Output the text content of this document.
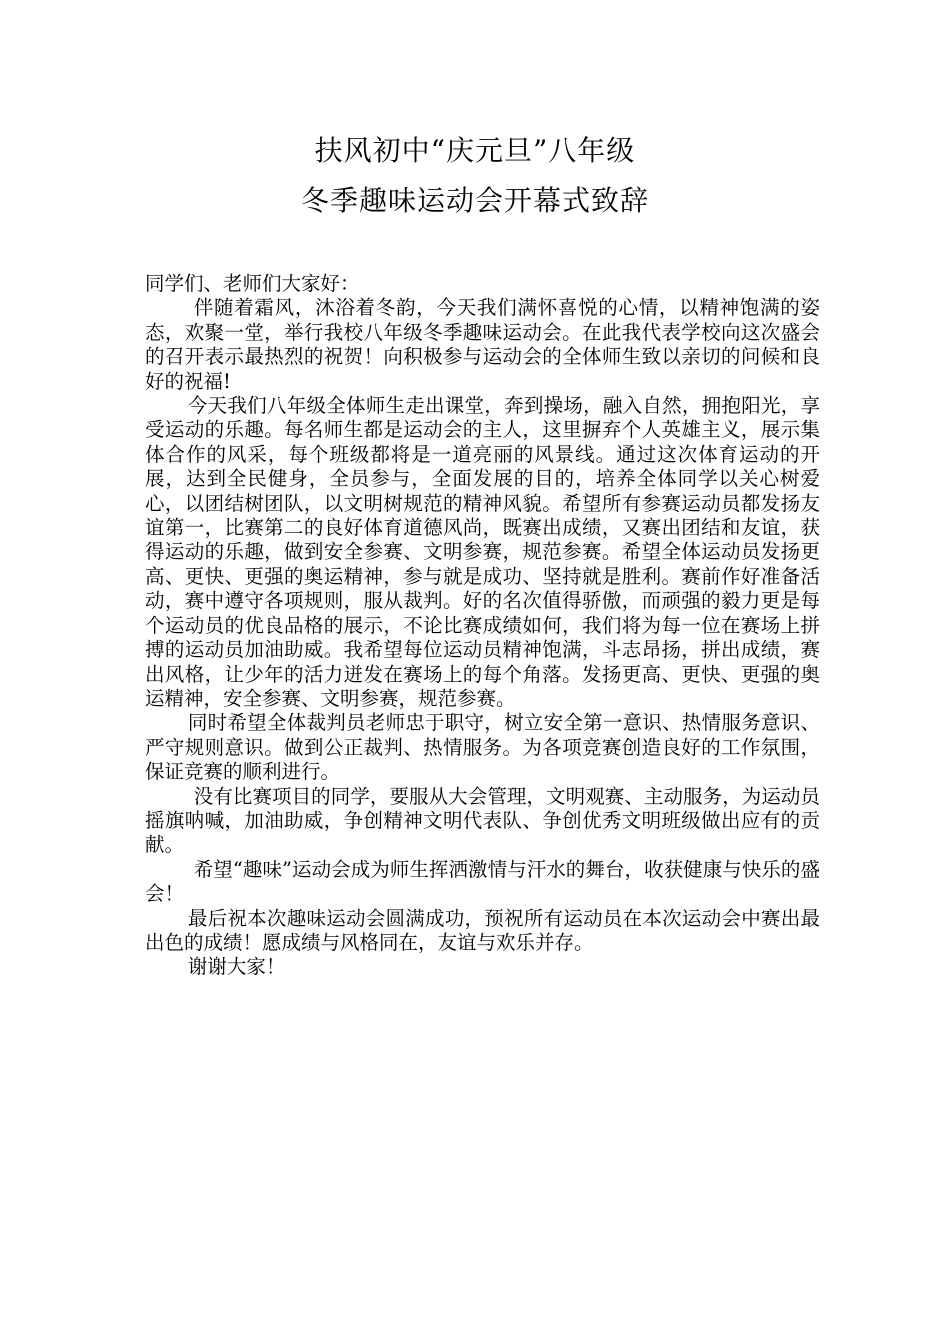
扶风初中“庆元旦”八年级
冬季趣味运动会开幕式致辞

同学们、老师们大家好：

伴随着霜风，沐浴着冬韵，今天我们满怀喜悦的心情，以精神饱满的姿态，欢聚一堂，举行我校八年级冬季趣味运动会。在此我代表学校向这次盛会的召开表示最热烈的祝贺！向积极参与运动会的全体师生致以亲切的问候和良好的祝福!

今天我们八年级全体师生走出课堂，奔到操场，融入自然，拥抱阳光，享受运动的乐趣。每名师生都是运动会的主人，这里摒弃个人英雄主义，展示集体合作的风采，每个班级都将是一道亮丽的风景线。通过这次体育运动的开展，达到全民健身，全员参与，全面发展的目的，培养全体同学以关心树爱心，以团结树团队，以文明树规范的精神风貌。希望所有参赛运动员都发扬友谊第一，比赛第二的良好体育道德风尚，既赛出成绩，又赛出团结和友谊，获得运动的乐趣，做到安全参赛、文明参赛，规范参赛。希望全体运动员发扬更高、更快、更强的奥运精神，参与就是成功、坚持就是胜利。赛前作好准备活动，赛中遵守各项规则，服从裁判。好的名次值得骄傲，而顽强的毅力更是每个运动员的优良品格的展示，不论比赛成绩如何，我们将为每一位在赛场上拼搏的运动员加油助威。我希望每位运动员精神饱满，斗志昂扬，拼出成绩，赛出风格，让少年的活力迸发在赛场上的每个角落。发扬更高、更快、更强的奥运精神，安全参赛、文明参赛，规范参赛。

同时希望全体裁判员老师忠于职守，树立安全第一意识、热情服务意识、严守规则意识。做到公正裁判、热情服务。为各项竞赛创造良好的工作氛围，保证竞赛的顺利进行。

没有比赛项目的同学，要服从大会管理，文明观赛、主动服务，为运动员摇旗呐喊，加油助威，争创精神文明代表队、争创优秀文明班级做出应有的贡献。

希望“趣味”运动会成为师生挥洒激情与汗水的舞台，收获健康与快乐的盛会！

最后祝本次趣味运动会圆满成功，预祝所有运动员在本次运动会中赛出最出色的成绩！愿成绩与风格同在，友谊与欢乐并存。

谢谢大家！
